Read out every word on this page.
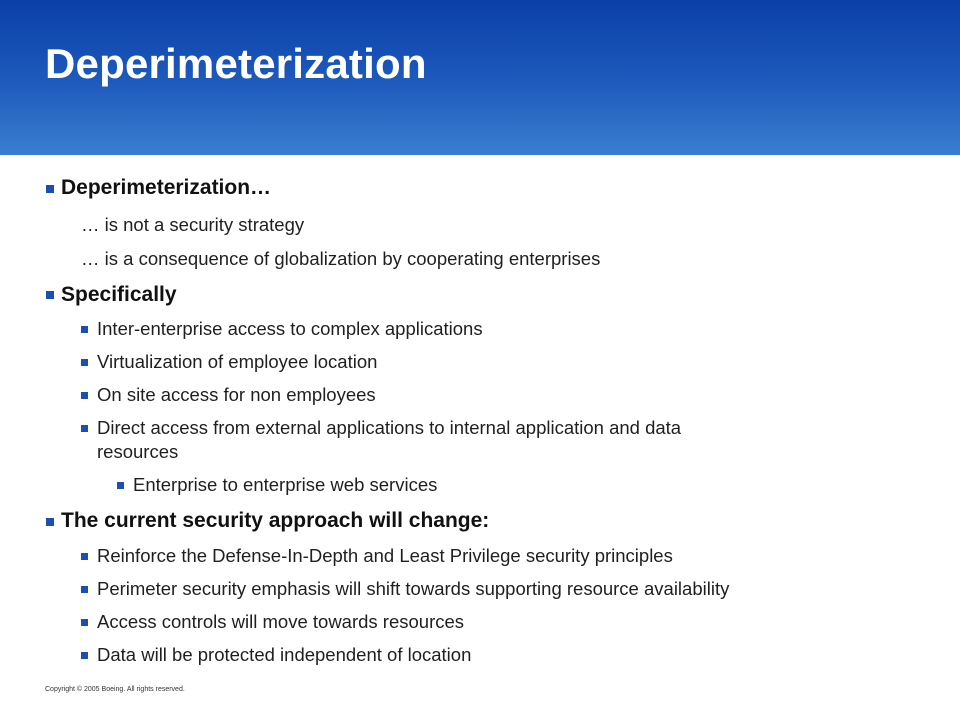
Deperimeterization
Deperimeterization…
… is not a security strategy
… is a consequence of globalization by cooperating enterprises
Specifically
Inter-enterprise access to complex applications
Virtualization of employee location
On site access for non employees
Direct access from external applications to internal application and data
resources
Enterprise to enterprise web services
The current security approach will change:
Reinforce the Defense-In-Depth and Least Privilege security principles
Perimeter security emphasis will shift towards supporting resource availability
Access controls will move towards resources
Data will be protected independent of location
Copyright © 2005 Boeing. All rights reserved.
